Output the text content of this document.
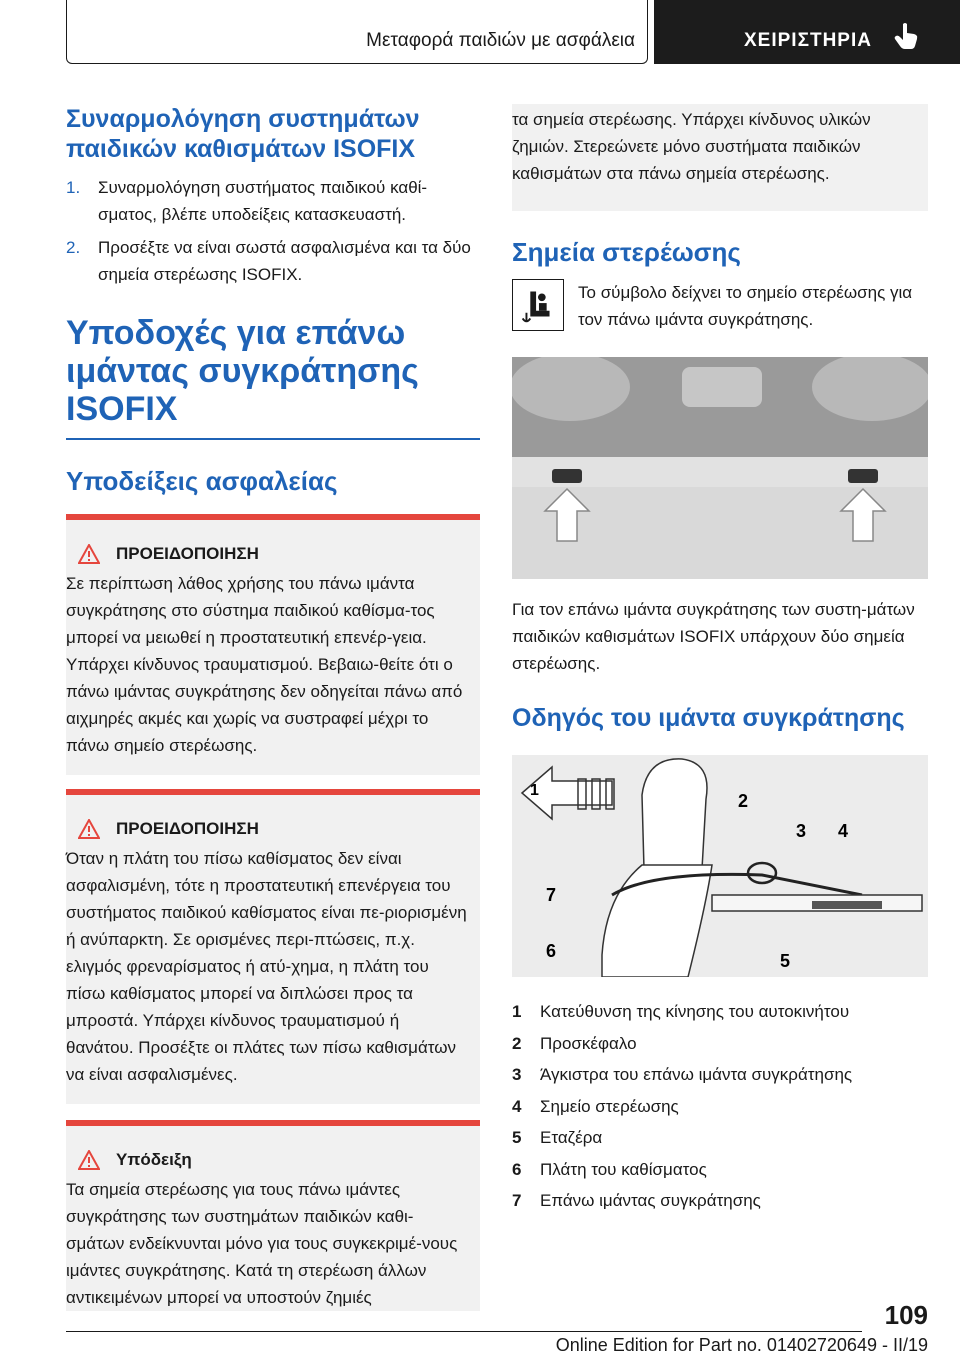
Μεταφορά παιδιών με ασφάλεια	ΧΕΙΡΙΣΤΗΡΙΑ
Συναρμολόγηση συστημάτων παιδικών καθισμάτων ISOFIX
1.	Συναρμολόγηση συστήματος παιδικού καθί-σματος, βλέπε υποδείξεις κατασκευαστή.
2.	Προσέξτε να είναι σωστά ασφαλισμένα και τα δύο σημεία στερέωσης ISOFIX.
Υποδοχές για επάνω ιμάντας συγκράτησης ISOFIX
Υποδείξεις ασφαλείας
ΠΡΟΕΙΔΟΠΟΙΗΣΗ

Σε περίπτωση λάθος χρήσης του πάνω ιμάντα συγκράτησης στο σύστημα παιδικού καθίσμα-τος μπορεί να μειωθεί η προστατευτική επενέρ-γεια. Υπάρχει κίνδυνος τραυματισμού. Βεβαιω-θείτε ότι ο πάνω ιμάντας συγκράτησης δεν οδηγείται πάνω από αιχμηρές ακμές και χωρίς να συστραφεί μέχρι το πάνω σημείο στερέωσης.

ΠΡΟΕΙΔΟΠΟΙΗΣΗ

Όταν η πλάτη του πίσω καθίσματος δεν είναι ασφαλισμένη, τότε η προστατευτική επενέργεια του συστήματος παιδικού καθίσματος είναι πε-ριορισμένη ή ανύπαρκτη. Σε ορισμένες περι-πτώσεις, π.χ. ελιγμός φρεναρίσματος ή ατύ-χημα, η πλάτη του πίσω καθίσματος μπορεί να διπλώσει προς τα μπροστά. Υπάρχει κίνδυνος τραυματισμού ή θανάτου. Προσέξτε οι πλάτες των πίσω καθισμάτων να είναι ασφαλισμένες.

Υπόδειξη

Τα σημεία στερέωσης για τους πάνω ιμάντες συγκράτησης των συστημάτων παιδικών καθι-σμάτων ενδείκνυνται μόνο για τους συγκεκριμέ-νους ιμάντες συγκράτησης. Κατά τη στερέωση άλλων αντικειμένων μπορεί να υποστούν ζημιές

τα σημεία στερέωσης. Υπάρχει κίνδυνος υλικών ζημιών. Στερεώνετε μόνο συστήματα παιδικών καθισμάτων στα πάνω σημεία στερέωσης.
Σημεία στερέωσης

Το σύμβολο δείχνει το σημείο στερέωσης για τον πάνω ιμάντα συγκράτησης.

Για τον επάνω ιμάντα συγκράτησης των συστη-μάτων παιδικών καθισμάτων ISOFIX υπάρχουν δύο σημεία στερέωσης.

Οδηγός του ιμάντα συγκράτησης
1
2
3 4
5
6
7
1	Κατεύθυνση της κίνησης του αυτοκινήτου
2	Προσκέφαλο
3	Άγκιστρα του επάνω ιμάντα συγκράτησης
4	Σημείο στερέωσης
5	Εταζέρα
6	Πλάτη του καθίσματος
7	Επάνω ιμάντας συγκράτησης
109
Online Edition for Part no. 01402720649 - II/19
